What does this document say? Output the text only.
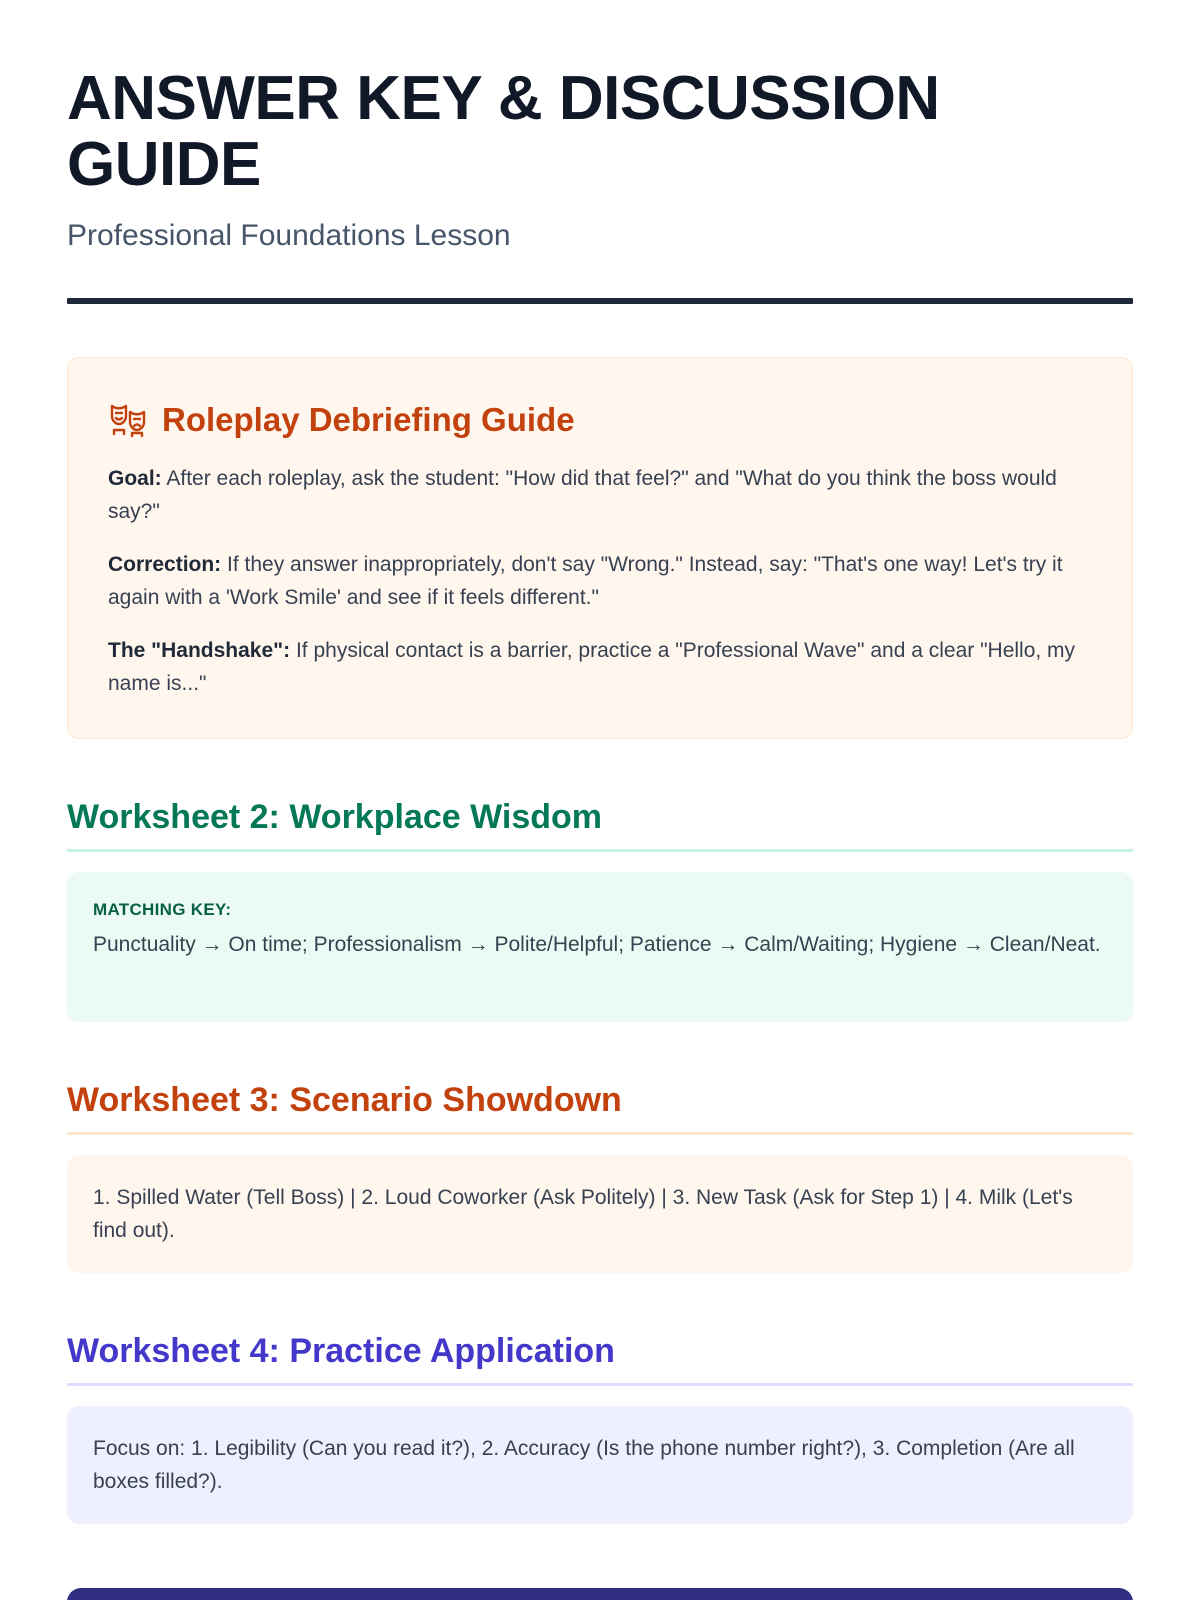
ANSWER KEY & DISCUSSION GUIDE

Professional Foundations Lesson

Roleplay Debriefing Guide

Goal: After each roleplay, ask the student: "How did that feel?" and "What do you think the boss would say?"

Correction: If they answer inappropriately, don't say "Wrong." Instead, say: "That's one way! Let's try it again with a 'Work Smile' and see if it feels different."

The "Handshake": If physical contact is a barrier, practice a "Professional Wave" and a clear "Hello, my name is..."

Worksheet 2: Workplace Wisdom
MATCHING KEY:
Punctuality → On time; Professionalism → Polite/Helpful; Patience → Calm/Waiting; Hygiene → Clean/Neat.
Worksheet 3: Scenario Showdown
1. Spilled Water (Tell Boss) | 2. Loud Coworker (Ask Politely) | 3. New Task (Ask for Step 1) | 4. Milk (Let's find out).
Worksheet 4: Practice Application
Focus on: 1. Legibility (Can you read it?), 2. Accuracy (Is the phone number right?), 3. Completion (Are all boxes filled?).
